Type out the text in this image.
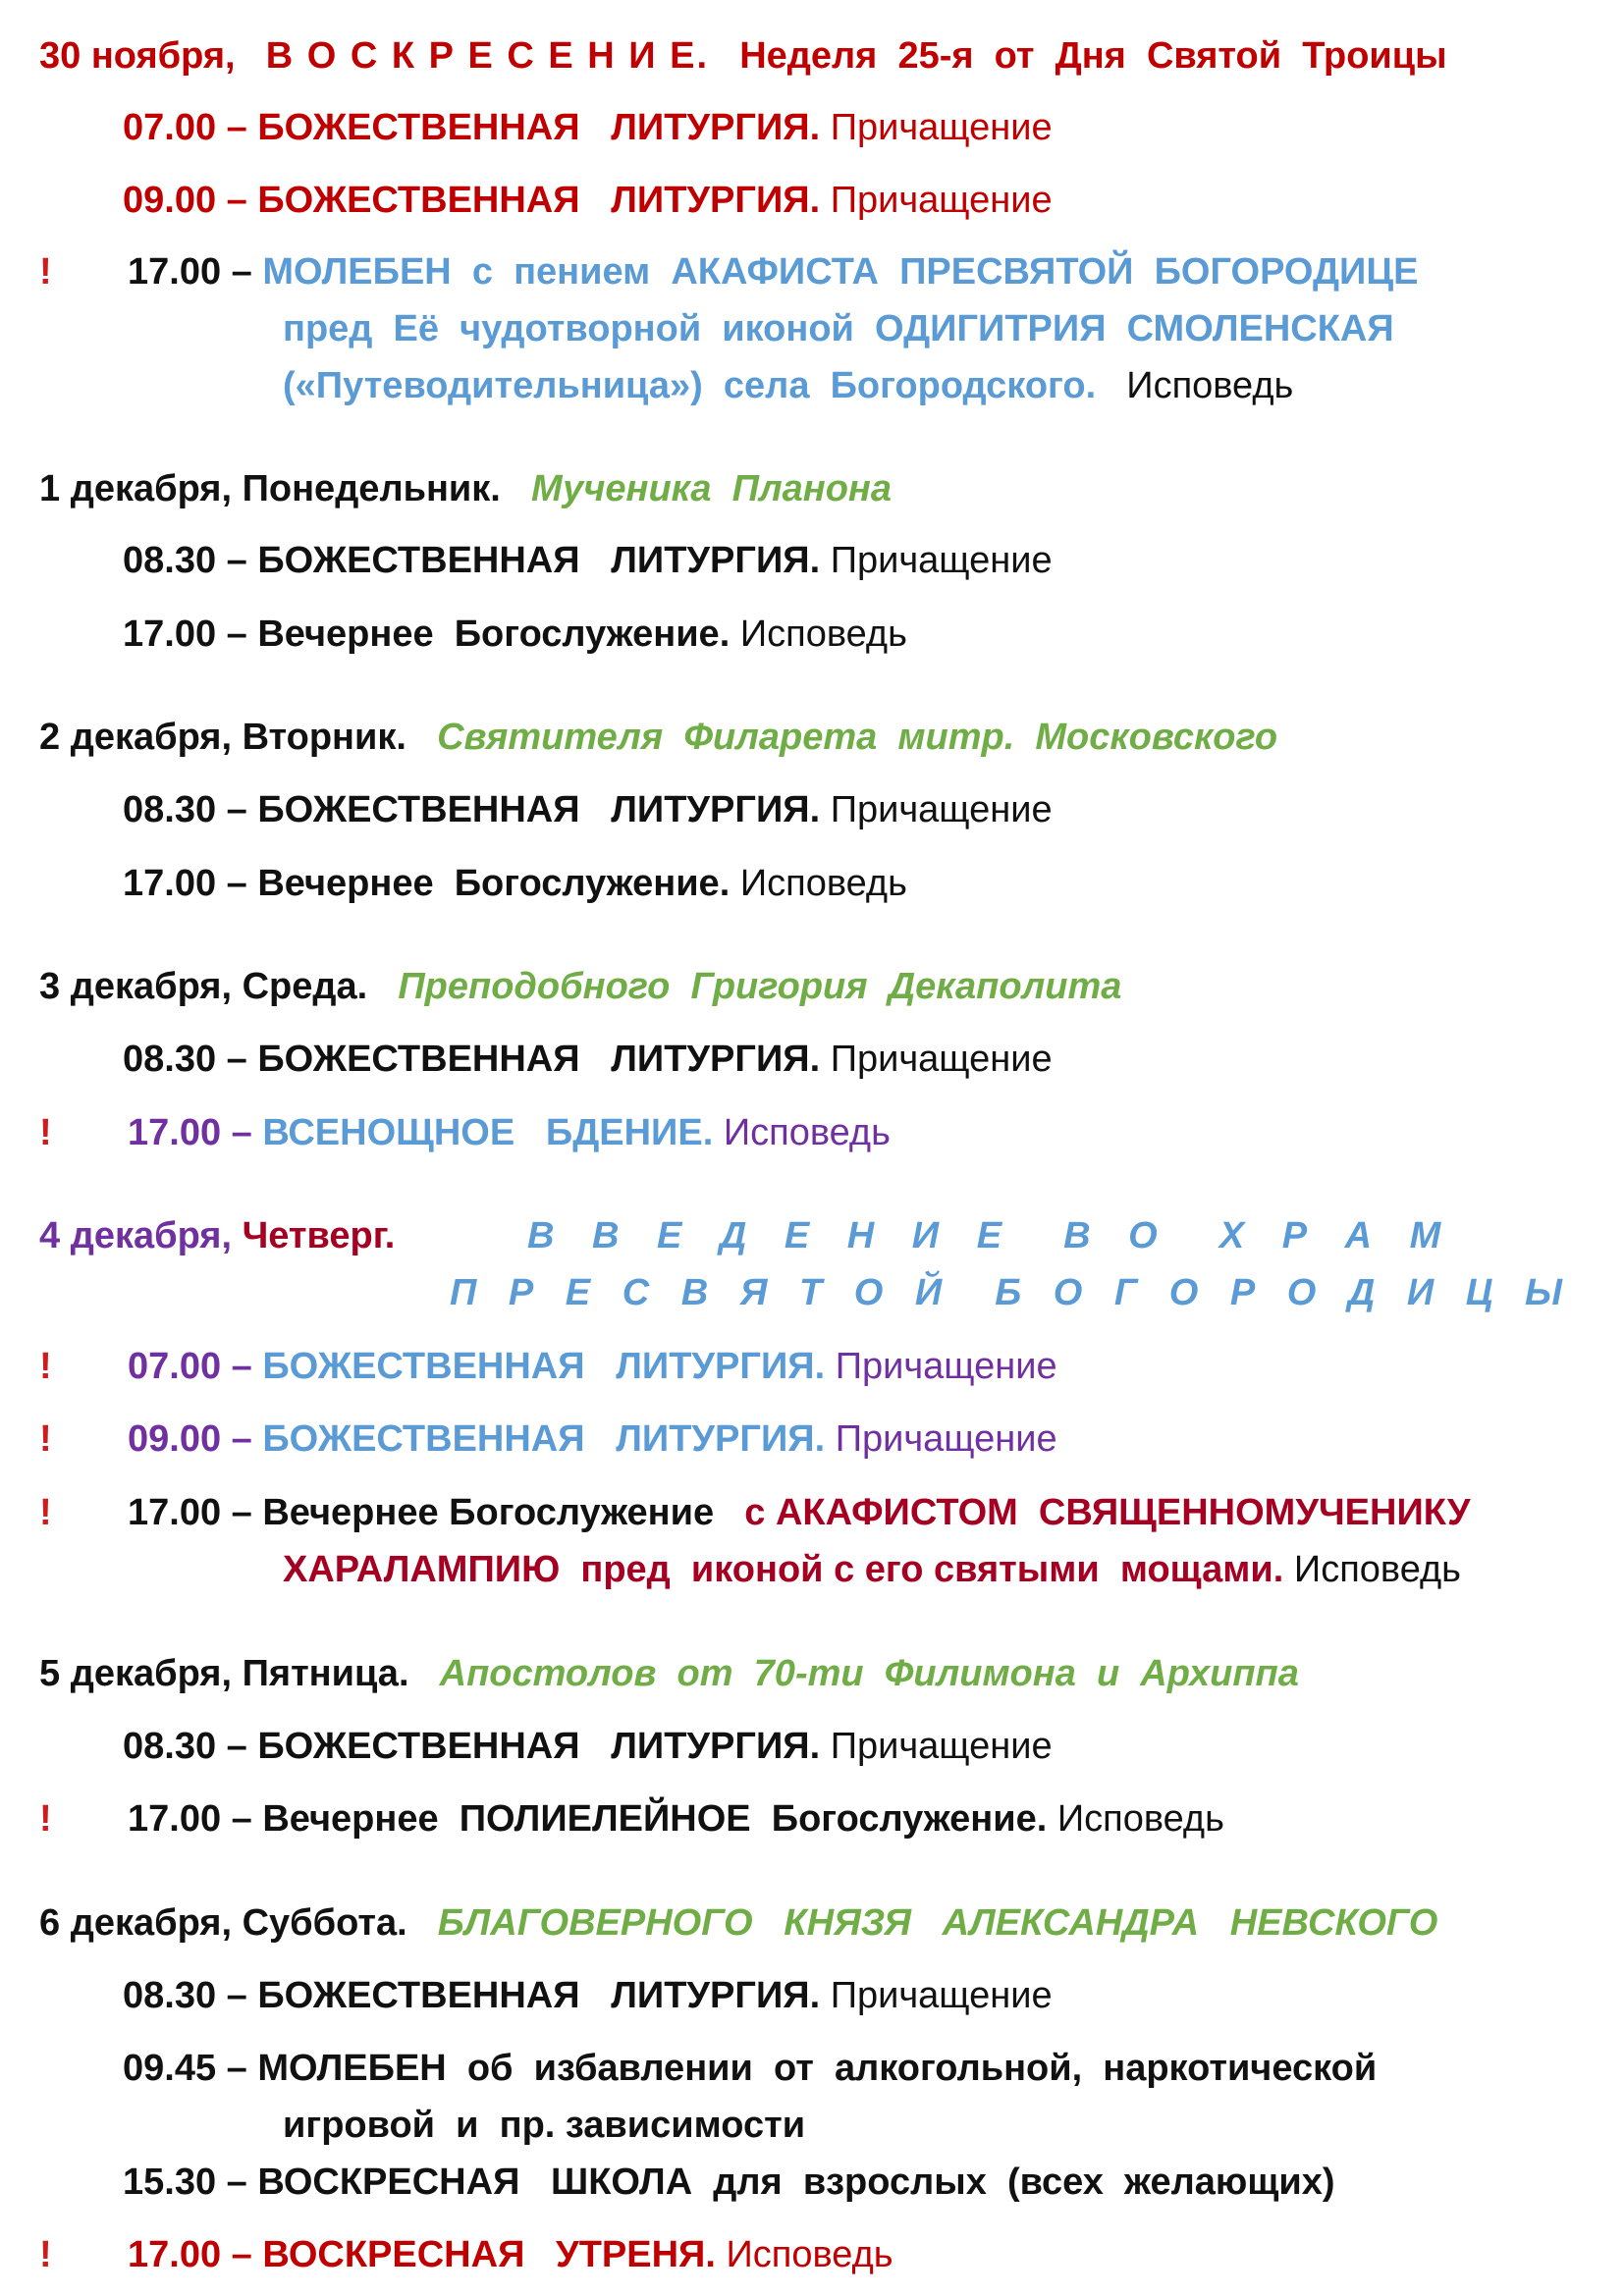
30 ноября, В О С К Р Е С Е Н И Е. Неделя  25-я  от  Дня  Святой  Троицы
07.00 – БОЖЕСТВЕННАЯ   ЛИТУРГИЯ. Причащение
09.00 – БОЖЕСТВЕННАЯ   ЛИТУРГИЯ. Причащение
! 17.00 – МОЛЕБЕН  с  пением  АКАФИСТА  ПРЕСВЯТОЙ  БОГОРОДИЦЕ
пред  Её  чудотворной  иконой  ОДИГИТРИЯ  СМОЛЕНСКАЯ
(«Путеводительница»)  села  Богородского. Исповедь
1 декабря, Понедельник. Мученика  Планона
08.30 – БОЖЕСТВЕННАЯ   ЛИТУРГИЯ. Причащение
17.00 – Вечернее  Богослужение. Исповедь
2 декабря, Вторник. Святителя  Филарета  митр.  Московского
08.30 – БОЖЕСТВЕННАЯ   ЛИТУРГИЯ. Причащение
17.00 – Вечернее  Богослужение. Исповедь
3 декабря, Среда. Преподобного  Григория  Декаполита
08.30 – БОЖЕСТВЕННАЯ   ЛИТУРГИЯ. Причащение
! 17.00 – ВСЕНОЩНОЕ   БДЕНИЕ. Исповедь
4 декабря, Четверг.	В В Е Д Е Н И Е  В О  Х Р А М
П Р Е С В Я Т О Й  Б О Г О Р О Д И Ц Ы
! 07.00 – БОЖЕСТВЕННАЯ   ЛИТУРГИЯ. Причащение
! 09.00 – БОЖЕСТВЕННАЯ   ЛИТУРГИЯ. Причащение
! 17.00 – Вечернее Богослужение с АКАФИСТОМ  СВЯЩЕННОМУЧЕНИКУ
ХАРАЛАМПИЮ  пред  иконой с его святыми  мощами. Исповедь
5 декабря, Пятница. Апостолов  от  70-ти  Филимона  и  Архиппа
08.30 – БОЖЕСТВЕННАЯ   ЛИТУРГИЯ. Причащение
! 17.00 – Вечернее  ПОЛИЕЛЕЙНОЕ  Богослужение. Исповедь
6 декабря, Суббота. БЛАГОВЕРНОГО   КНЯЗЯ   АЛЕКСАНДРА   НЕВСКОГО
08.30 – БОЖЕСТВЕННАЯ   ЛИТУРГИЯ. Причащение
09.45 – МОЛЕБЕН  об  избавлении  от  алкогольной,  наркотической
игровой  и  пр. зависимости
15.30 – ВОСКРЕСНАЯ   ШКОЛА  для  взрослых  (всех  желающих)
! 17.00 – ВОСКРЕСНАЯ   УТРЕНЯ. Исповедь
